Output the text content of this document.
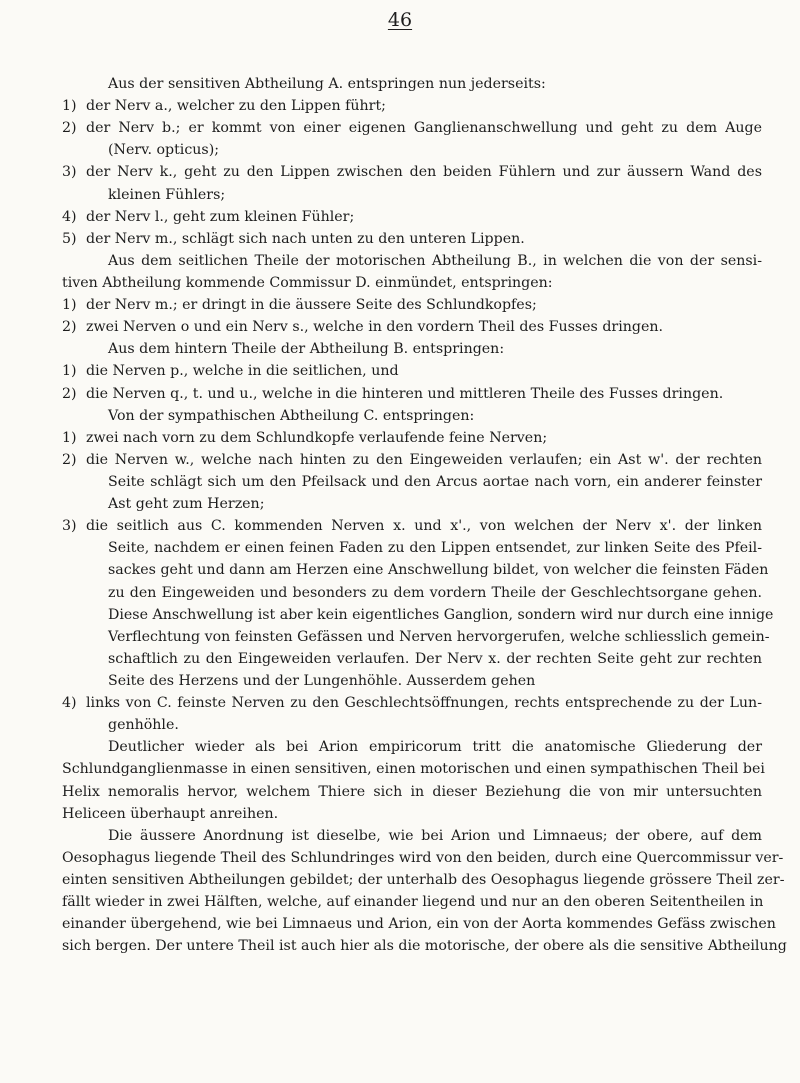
46
Aus der sensitiven Abtheilung A. entspringen nun jederseits:
1) der Nerv a., welcher zu den Lippen führt;
2) der Nerv b.; er kommt von einer eigenen Ganglienanschwellung und geht zu dem Auge
(Nerv. opticus);
3) der Nerv k., geht zu den Lippen zwischen den beiden Fühlern und zur äussern Wand des
kleinen Fühlers;
4) der Nerv l., geht zum kleinen Fühler;
5) der Nerv m., schlägt sich nach unten zu den unteren Lippen.
Aus dem seitlichen Theile der motorischen Abtheilung B., in welchen die von der sensi-
tiven Abtheilung kommende Commissur D. einmündet, entspringen:
1) der Nerv m.; er dringt in die äussere Seite des Schlundkopfes;
2) zwei Nerven o und ein Nerv s., welche in den vordern Theil des Fusses dringen.
Aus dem hintern Theile der Abtheilung B. entspringen:
1) die Nerven p., welche in die seitlichen, und
2) die Nerven q., t. und u., welche in die hinteren und mittleren Theile des Fusses dringen.
Von der sympathischen Abtheilung C. entspringen:
1) zwei nach vorn zu dem Schlundkopfe verlaufende feine Nerven;
2) die Nerven w., welche nach hinten zu den Eingeweiden verlaufen; ein Ast w'. der rechten
Seite schlägt sich um den Pfeilsack und den Arcus aortae nach vorn, ein anderer feinster
Ast geht zum Herzen;
3) die seitlich aus C. kommenden Nerven x. und x'., von welchen der Nerv x'. der linken
Seite, nachdem er einen feinen Faden zu den Lippen entsendet, zur linken Seite des Pfeil-
sackes geht und dann am Herzen eine Anschwellung bildet, von welcher die feinsten Fäden
zu den Eingeweiden und besonders zu dem vordern Theile der Geschlechtsorgane gehen.
Diese Anschwellung ist aber kein eigentliches Ganglion, sondern wird nur durch eine innige
Verflechtung von feinsten Gefässen und Nerven hervorgerufen, welche schliesslich gemein-
schaftlich zu den Eingeweiden verlaufen. Der Nerv x. der rechten Seite geht zur rechten
Seite des Herzens und der Lungenhöhle. Ausserdem gehen
4) links von C. feinste Nerven zu den Geschlechtsöffnungen, rechts entsprechende zu der Lun-
genhöhle.
Deutlicher wieder als bei Arion empiricorum tritt die anatomische Gliederung der
Schlundganglienmasse in einen sensitiven, einen motorischen und einen sympathischen Theil bei
Helix nemoralis hervor, welchem Thiere sich in dieser Beziehung die von mir untersuchten
Heliceen überhaupt anreihen.
Die äussere Anordnung ist dieselbe, wie bei Arion und Limnaeus; der obere, auf dem
Oesophagus liegende Theil des Schlundringes wird von den beiden, durch eine Quercommissur ver-
einten sensitiven Abtheilungen gebildet; der unterhalb des Oesophagus liegende grössere Theil zer-
fällt wieder in zwei Hälften, welche, auf einander liegend und nur an den oberen Seitentheilen in
einander übergehend, wie bei Limnaeus und Arion, ein von der Aorta kommendes Gefäss zwischen
sich bergen. Der untere Theil ist auch hier als die motorische, der obere als die sensitive Abtheilung
